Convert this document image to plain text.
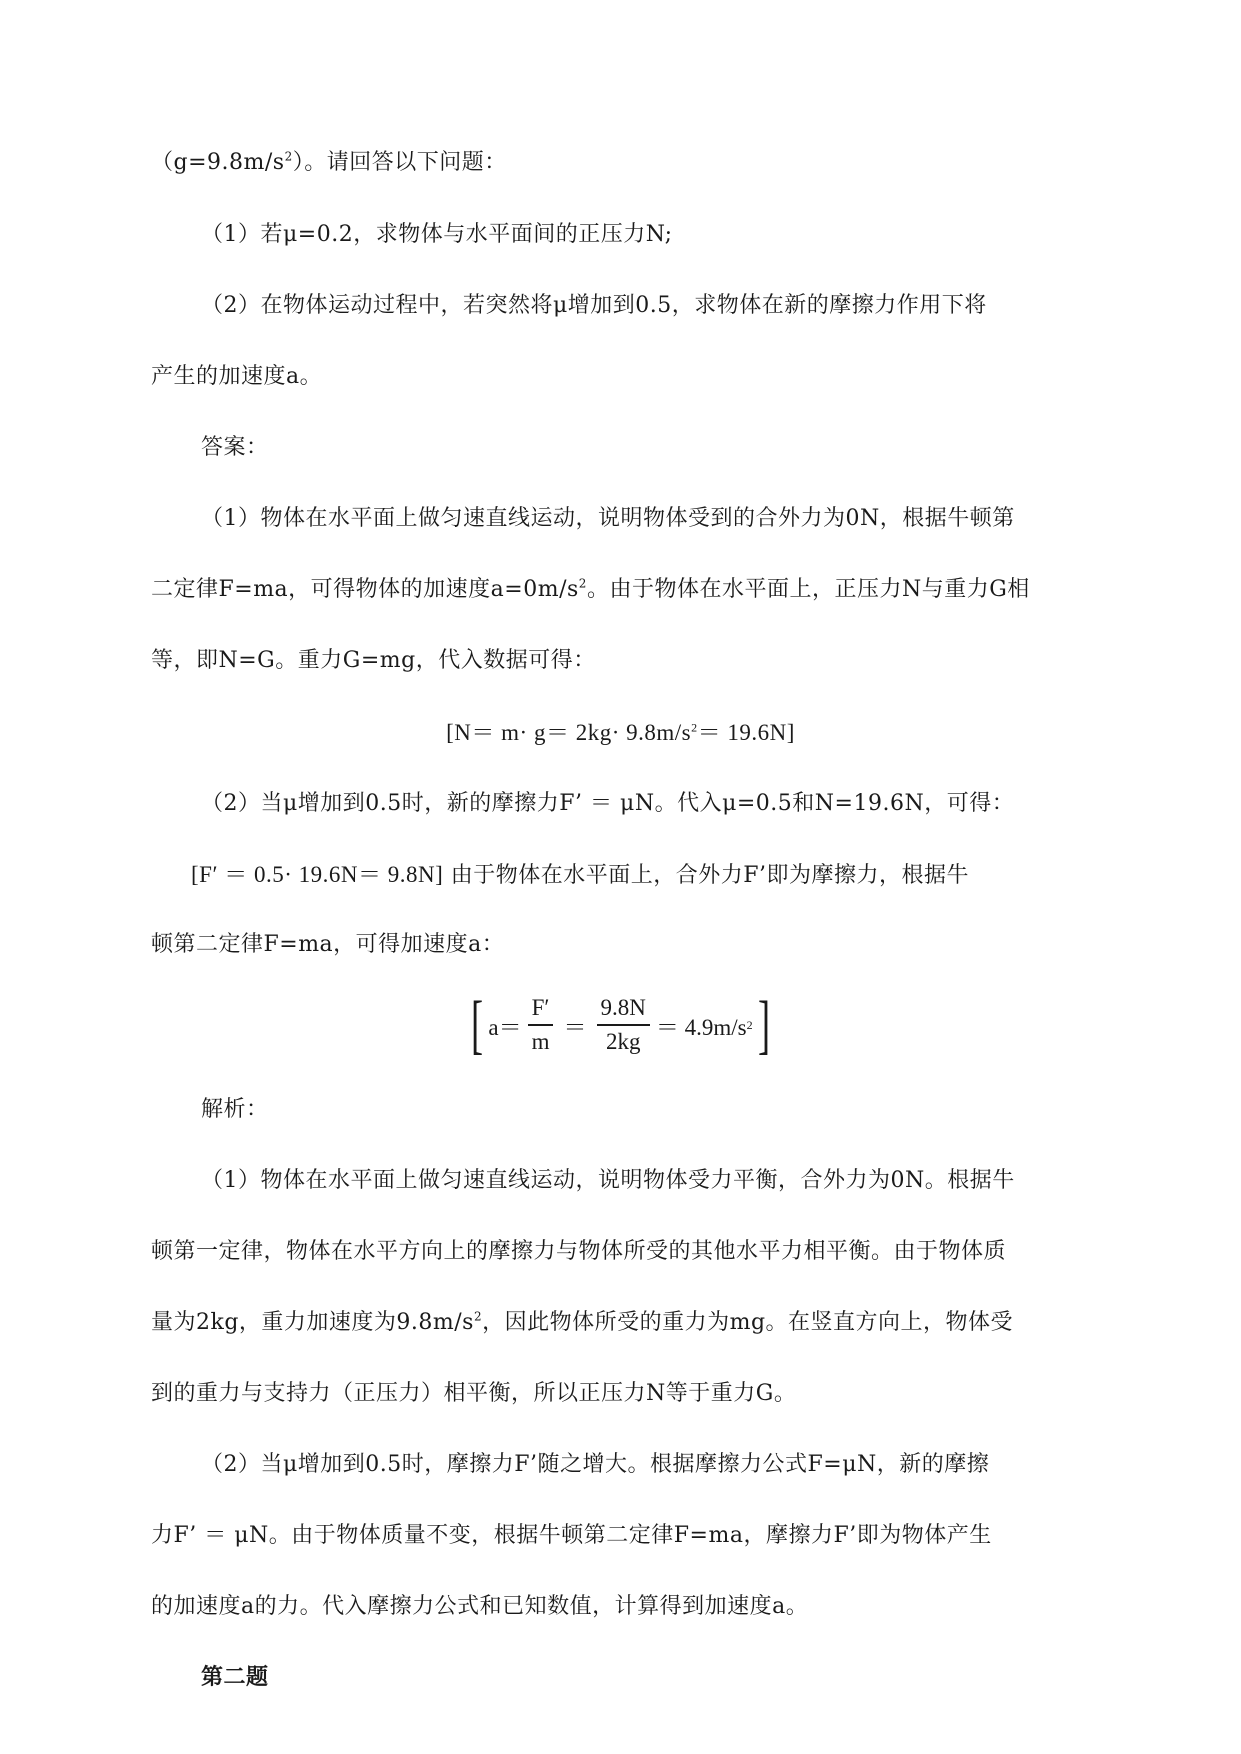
$(g=9.8m/s^2)$。请回答以下问题：
（1）若μ=0.2，求物体与水平面间的正压力N;
（2）在物体运动过程中，若突然将μ增加到0.5，求物体在新的摩擦力作用下将
产生的加速度a。
答案：
（1）物体在水平面上做匀速直线运动，说明物体受到的合外力为0N，根据牛顿第
二定律F=ma，可得物体的加速度$a=0m/s^2$。由于物体在水平面上，正压力N与重力G相
等，即N=G。重力G=mg，代入数据可得：
$[N= m\cdot g= 2kg\cdot 9.8m/s^2= 19.6N]$
（2）当μ增加到0.5时，新的摩擦力F’ ＝ μN。代入μ=0.5和N=19.6N，可得：
[F′ ＝ 0.5· 19.6N＝ 9.8N] 由于物体在水平面上，合外力F’即为摩擦力，根据牛
顿第二定律F=ma，可得加速度a：
[ $a= \frac{F'}{m} = \frac{9.8N}{2kg} = 4.9m/s$ 2 ]
解析：
（1）物体在水平面上做匀速直线运动，说明物体受力平衡，合外力为0N。根据牛
顿第一定律，物体在水平方向上的摩擦力与物体所受的其他水平力相平衡。由于物体质
量为2kg，重力加速度为$9.8m/s^2$，因此物体所受的重力为mg。在竖直方向上，物体受
到的重力与支持力（正压力）相平衡，所以正压力N等于重力G。
（2）当μ增加到0.5时，摩擦力F’随之增大。根据摩擦力公式F=μN，新的摩擦
力F’ ＝ μN。由于物体质量不变，根据牛顿第二定律F=ma，摩擦力F’即为物体产生
的加速度a的力。代入摩擦力公式和已知数值，计算得到加速度a。
第二题
